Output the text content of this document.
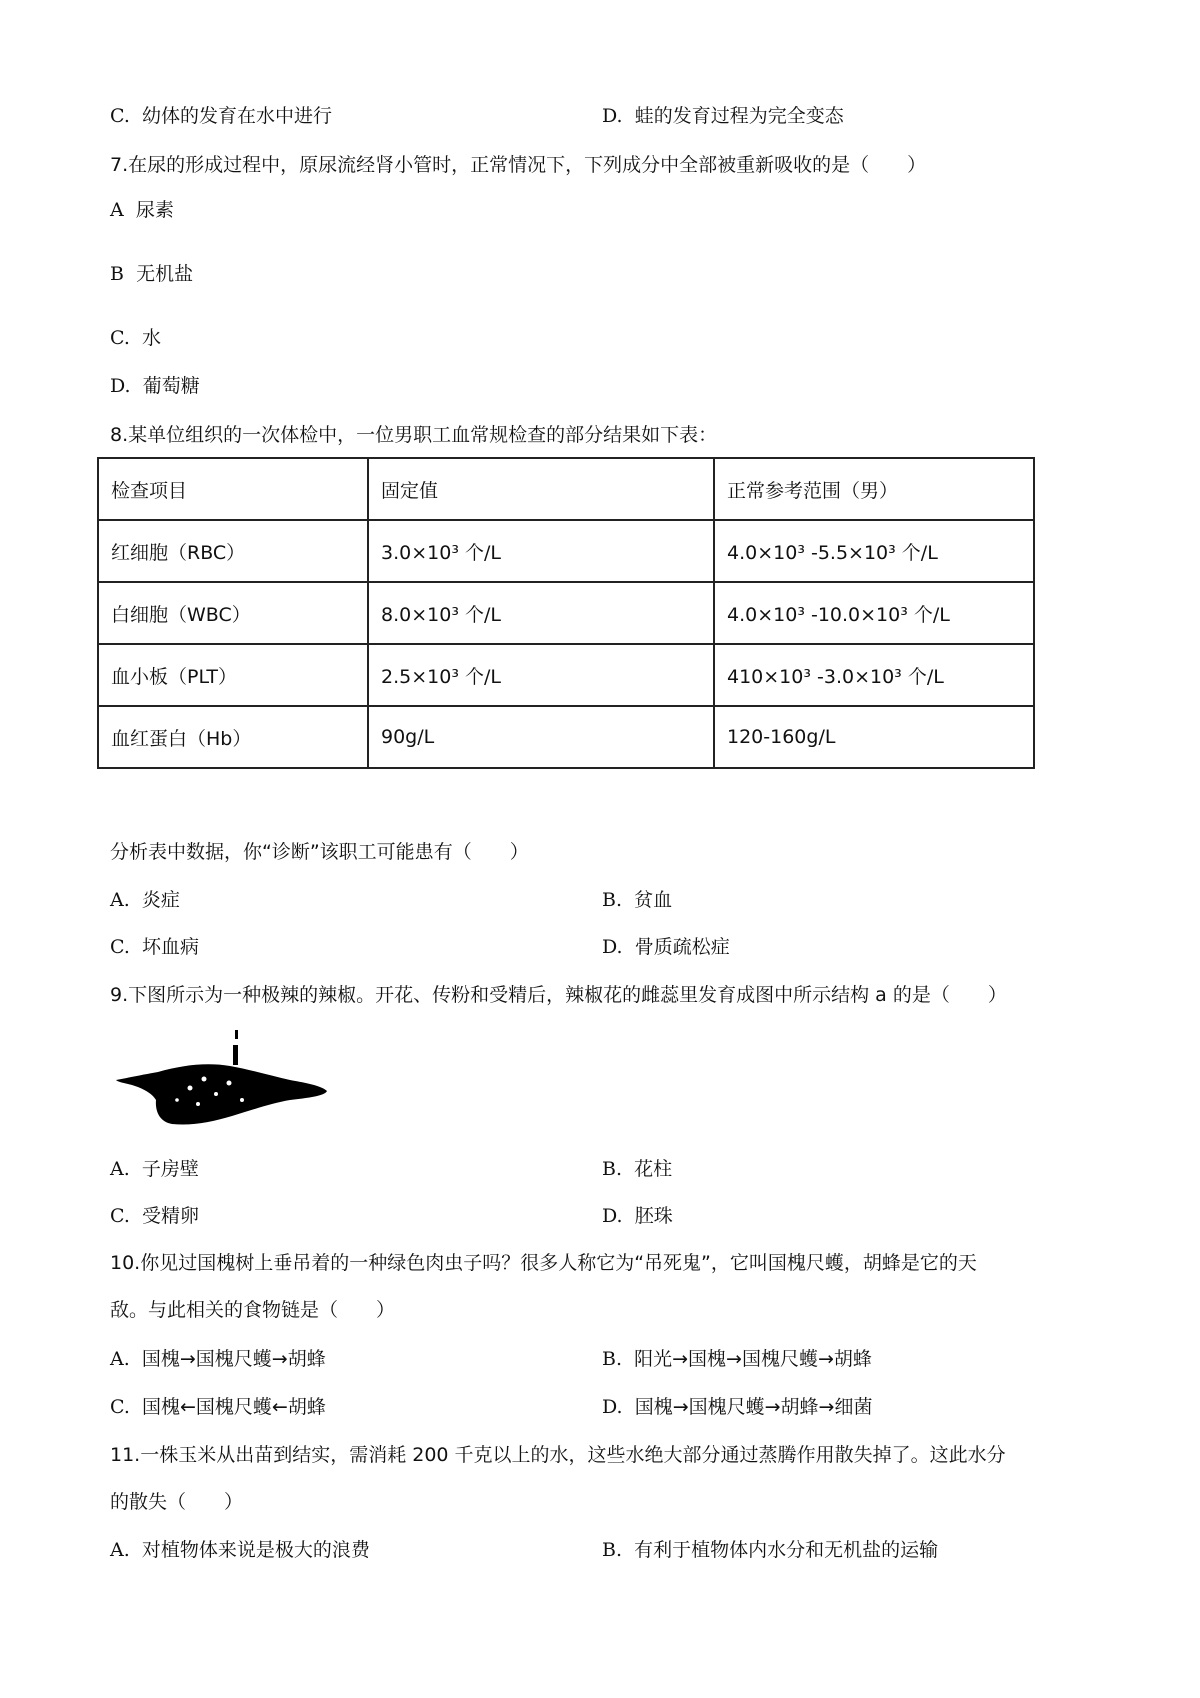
C. 幼体的发育在水中进行	D. 蛙的发育过程为完全变态
7.在尿的形成过程中，原尿流经肾小管时，正常情况下，下列成分中全部被重新吸收的是（　　）
A 尿素
B 无机盐
C. 水
D. 葡萄糖
8.某单位组织的一次体检中，一位男职工血常规检查的部分结果如下表：
检查项目	固定值	正常参考范围（男）
红细胞（RBC）	3.0×10³ 个/L	4.0×10³ -5.5×10³ 个/L
白细胞（WBC）	8.0×10³ 个/L	4.0×10³ -10.0×10³ 个/L
血小板（PLT）	2.5×10³ 个/L	410×10³ -3.0×10³ 个/L
血红蛋白（Hb）	90g/L	120-160g/L
分析表中数据，你“诊断”该职工可能患有（　　）
A. 炎症	B. 贫血
C. 坏血病	D. 骨质疏松症
9.下图所示为一种极辣的辣椒。开花、传粉和受精后，辣椒花的雌蕊里发育成图中所示结构 a 的是（　　）
A. 子房壁	B. 花柱
C. 受精卵	D. 胚珠
10.你见过国槐树上垂吊着的一种绿色肉虫子吗？很多人称它为“吊死鬼”，它叫国槐尺蠖，胡蜂是它的天
敌。与此相关的食物链是（　　）
A. 国槐→国槐尺蠖→胡蜂	B. 阳光→国槐→国槐尺蠖→胡蜂
C. 国槐←国槐尺蠖←胡蜂	D. 国槐→国槐尺蠖→胡蜂→细菌
11.一株玉米从出苗到结实，需消耗 200 千克以上的水，这些水绝大部分通过蒸腾作用散失掉了。这此水分
的散失（　　）
A. 对植物体来说是极大的浪费	B. 有利于植物体内水分和无机盐的运输
